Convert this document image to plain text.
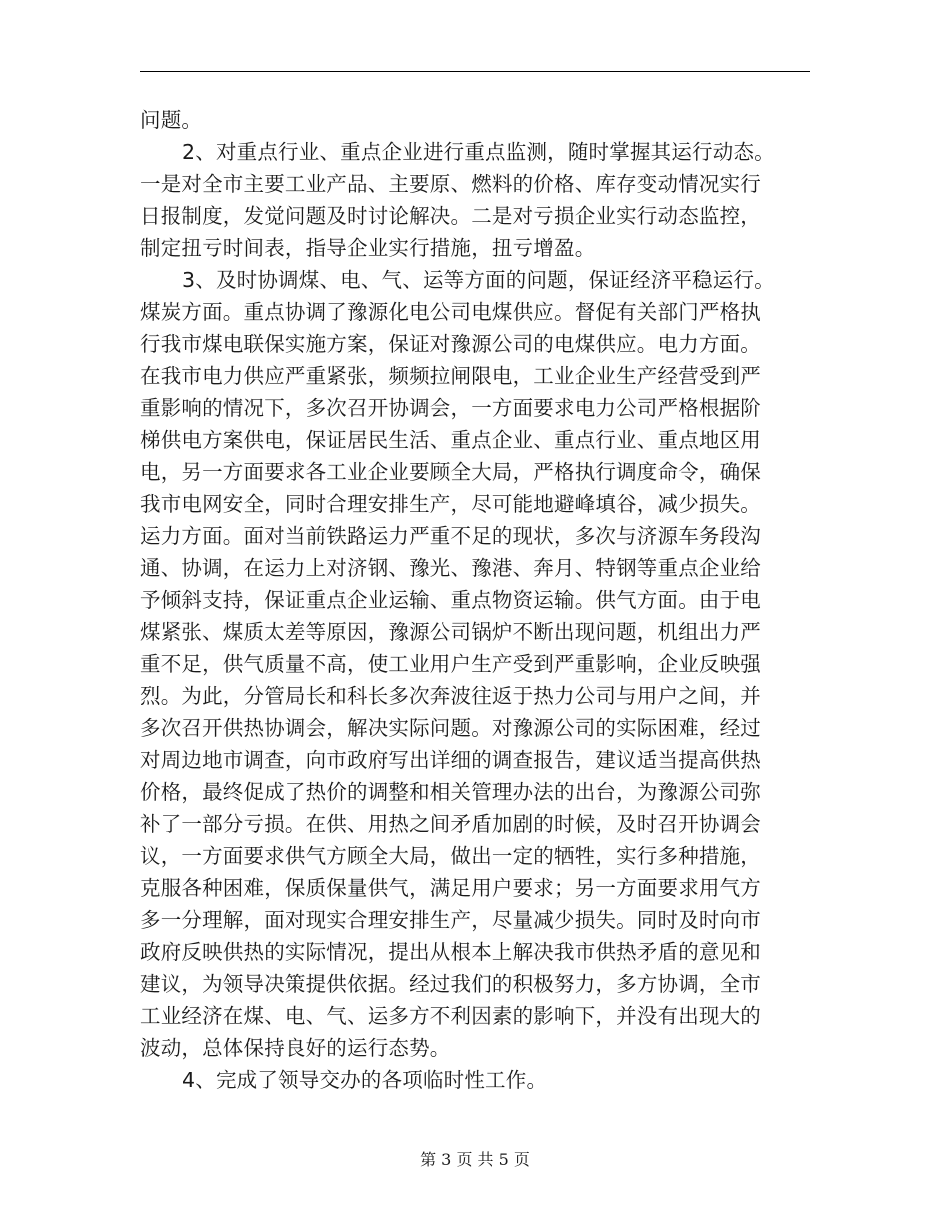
问题。
2、对重点行业、重点企业进行重点监测，随时掌握其运行动态。
一是对全市主要工业产品、主要原、燃料的价格、库存变动情况实行
日报制度，发觉问题及时讨论解决。二是对亏损企业实行动态监控，
制定扭亏时间表，指导企业实行措施，扭亏增盈。
3、及时协调煤、电、气、运等方面的问题，保证经济平稳运行。
煤炭方面。重点协调了豫源化电公司电煤供应。督促有关部门严格执
行我市煤电联保实施方案，保证对豫源公司的电煤供应。电力方面。
在我市电力供应严重紧张，频频拉闸限电，工业企业生产经营受到严
重影响的情况下，多次召开协调会，一方面要求电力公司严格根据阶
梯供电方案供电，保证居民生活、重点企业、重点行业、重点地区用
电，另一方面要求各工业企业要顾全大局，严格执行调度命令，确保
我市电网安全，同时合理安排生产，尽可能地避峰填谷，减少损失。
运力方面。面对当前铁路运力严重不足的现状，多次与济源车务段沟
通、协调，在运力上对济钢、豫光、豫港、奔月、特钢等重点企业给
予倾斜支持，保证重点企业运输、重点物资运输。供气方面。由于电
煤紧张、煤质太差等原因，豫源公司锅炉不断出现问题，机组出力严
重不足，供气质量不高，使工业用户生产受到严重影响，企业反映强
烈。为此，分管局长和科长多次奔波往返于热力公司与用户之间，并
多次召开供热协调会，解决实际问题。对豫源公司的实际困难，经过
对周边地市调查，向市政府写出详细的调查报告，建议适当提高供热
价格，最终促成了热价的调整和相关管理办法的出台，为豫源公司弥
补了一部分亏损。在供、用热之间矛盾加剧的时候，及时召开协调会
议，一方面要求供气方顾全大局，做出一定的牺牲，实行多种措施，
克服各种困难，保质保量供气，满足用户要求；另一方面要求用气方
多一分理解，面对现实合理安排生产，尽量减少损失。同时及时向市
政府反映供热的实际情况，提出从根本上解决我市供热矛盾的意见和
建议，为领导决策提供依据。经过我们的积极努力，多方协调，全市
工业经济在煤、电、气、运多方不利因素的影响下，并没有出现大的
波动，总体保持良好的运行态势。
4、完成了领导交办的各项临时性工作。
第 3 页 共 5 页
